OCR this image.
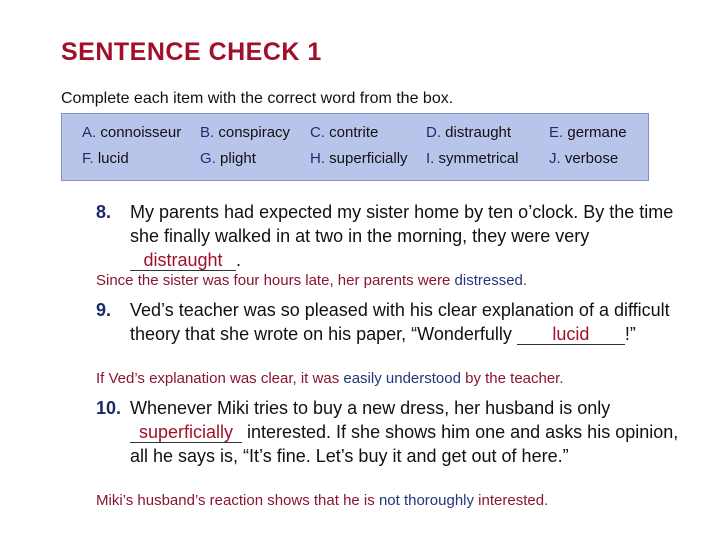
SENTENCE CHECK 1
Complete each item with the correct word from the box.
A. connoisseur B. conspiracy C. contrite	D. distraught	E. germane
F. lucid	G. plight	H. superficially I. symmetrical J. verbose
8. My parents had expected my sister home by ten o’clock. By the time she finally walked in at two in the morning, they were very distraught .
Since the sister was four hours late, her parents were distressed.
9. Ved’s teacher was so pleased with his clear explanation of a difficult theory that she wrote on his paper, “Wonderfully lucid !”
If Ved’s explanation was clear, it was easily understood by the teacher.
10. Whenever Miki tries to buy a new dress, her husband is only superficially interested. If she shows him one and asks his opinion, all he says is, “It’s fine. Let’s buy it and get out of here.”
Miki’s husband’s reaction shows that he is not thoroughly interested.
